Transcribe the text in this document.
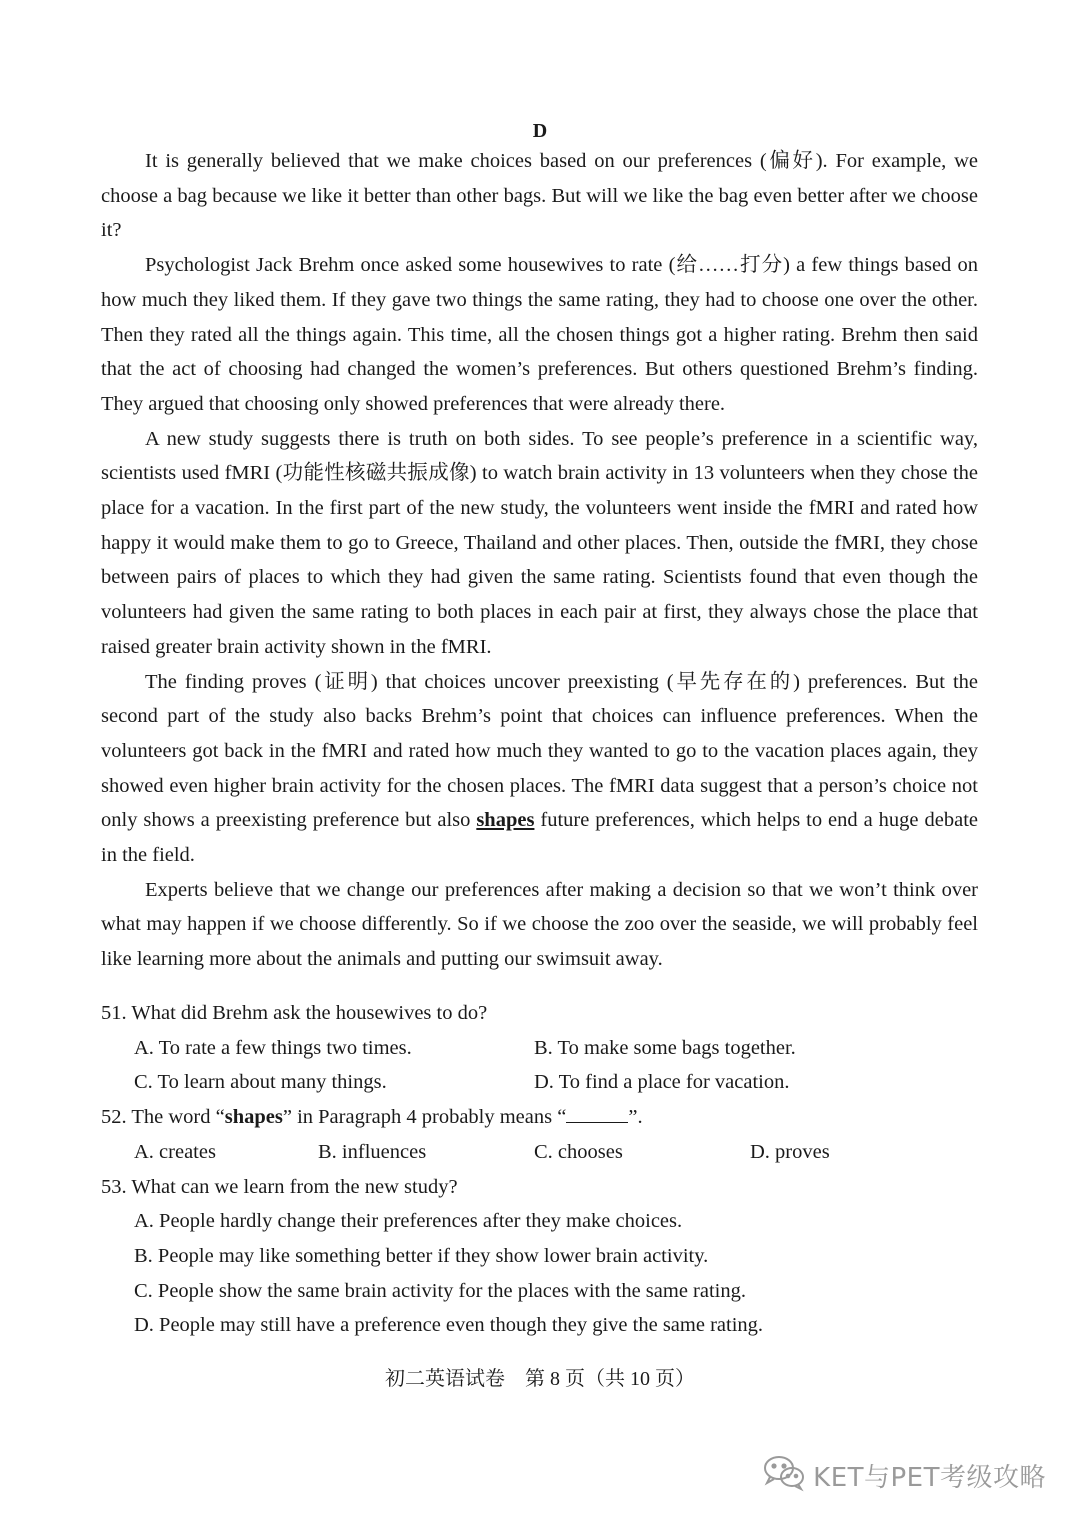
D

It is generally believed that we make choices based on our preferences (偏好). For example, we choose a bag because we like it better than other bags. But will we like the bag even better after we choose it?

Psychologist Jack Brehm once asked some housewives to rate (给……打分) a few things based on how much they liked them. If they gave two things the same rating, they had to choose one over the other. Then they rated all the things again. This time, all the chosen things got a higher rating. Brehm then said that the act of choosing had changed the women’s preferences. But others questioned Brehm’s finding. They argued that choosing only showed preferences that were already there.

A new study suggests there is truth on both sides. To see people’s preference in a scientific way, scientists used fMRI (功能性核磁共振成像) to watch brain activity in 13 volunteers when they chose the place for a vacation. In the first part of the new study, the volunteers went inside the fMRI and rated how happy it would make them to go to Greece, Thailand and other places. Then, outside the fMRI, they chose between pairs of places to which they had given the same rating. Scientists found that even though the volunteers had given the same rating to both places in each pair at first, they always chose the place that raised greater brain activity shown in the fMRI.

The finding proves (证明) that choices uncover preexisting (早先存在的) preferences. But the second part of the study also backs Brehm’s point that choices can influence preferences. When the volunteers got back in the fMRI and rated how much they wanted to go to the vacation places again, they showed even higher brain activity for the chosen places. The fMRI data suggest that a person’s choice not only shows a preexisting preference but also shapes future preferences, which helps to end a huge debate in the field.

Experts believe that we change our preferences after making a decision so that we won’t think over what may happen if we choose differently. So if we choose the zoo over the seaside, we will probably feel like learning more about the animals and putting our swimsuit away.

51. What did Brehm ask the housewives to do?
A. To rate a few things two times.	B. To make some bags together.
C. To learn about many things.	D. To find a place for vacation.
52. The word “shapes” in Paragraph 4 probably means “	”.
A. creates	B. influences	C. chooses	D. proves
53. What can we learn from the new study?
A. People hardly change their preferences after they make choices.
B. People may like something better if they show lower brain activity.
C. People show the same brain activity for the places with the same rating.
D. People may still have a preference even though they give the same rating.
初二英语试卷　第 8 页（共 10 页）
KET与PET考级攻略
